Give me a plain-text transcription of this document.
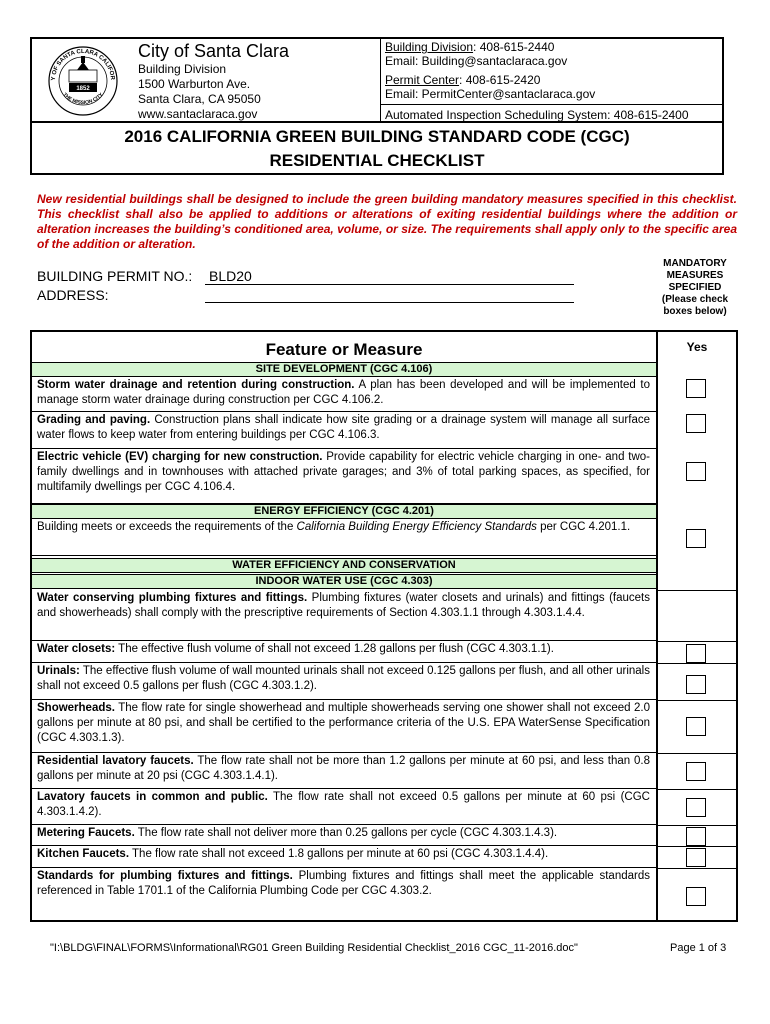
Y OF SANTA CLARA CALIFOR
THE MISSION CITY
1852
City of Santa Clara
Building Division
1500 Warburton Ave.
Santa Clara, CA 95050
www.santaclaraca.gov
Building Division: 408-615-2440
Email: Building@santaclaraca.gov
Permit Center: 408-615-2420
Email: PermitCenter@santaclaraca.gov
Automated Inspection Scheduling System: 408-615-2400
2016 CALIFORNIA GREEN BUILDING STANDARD CODE (CGC)
RESIDENTIAL CHECKLIST
New residential buildings shall be designed to include the green building mandatory measures specified in this checklist. This checklist shall also be applied to additions or alterations of exiting residential buildings where the addition or alteration increases the building’s conditioned area, volume, or size. The requirements shall apply only to the specific area of the addition or alteration.
BUILDING PERMIT NO.: BLD20
ADDRESS:
MANDATORY
MEASURES
SPECIFIED
(Please check
boxes below)
Feature or Measure	Yes
SITE DEVELOPMENT (CGC 4.106)
Storm water drainage and retention during construction. A plan has been developed and will be implemented to manage storm water drainage during construction per CGC 4.106.2.
Grading and paving. Construction plans shall indicate how site grading or a drainage system will manage all surface water flows to keep water from entering buildings per CGC 4.106.3.
Electric vehicle (EV) charging for new construction. Provide capability for electric vehicle charging in one- and two-family dwellings and in townhouses with attached private garages; and 3% of total parking spaces, as specified, for multifamily dwellings per CGC 4.106.4.
ENERGY EFFICIENCY (CGC 4.201)
Building meets or exceeds the requirements of the California Building Energy Efficiency Standards per CGC 4.201.1.
WATER EFFICIENCY AND CONSERVATION
INDOOR WATER USE (CGC 4.303)
Water conserving plumbing fixtures and fittings. Plumbing fixtures (water closets and urinals) and fittings (faucets and showerheads) shall comply with the prescriptive requirements of Section 4.303.1.1 through 4.303.1.4.4.
Water closets: The effective flush volume of shall not exceed 1.28 gallons per flush (CGC 4.303.1.1).
Urinals: The effective flush volume of wall mounted urinals shall not exceed 0.125 gallons per flush, and all other urinals shall not exceed 0.5 gallons per flush (CGC 4.303.1.2).
Showerheads. The flow rate for single showerhead and multiple showerheads serving one shower shall not exceed 2.0 gallons per minute at 80 psi, and shall be certified to the performance criteria of the U.S. EPA WaterSense Specification (CGC 4.303.1.3).
Residential lavatory faucets. The flow rate shall not be more than 1.2 gallons per minute at 60 psi, and less than 0.8 gallons per minute at 20 psi (CGC 4.303.1.4.1).
Lavatory faucets in common and public. The flow rate shall not exceed 0.5 gallons per minute at 60 psi (CGC 4.303.1.4.2).
Metering Faucets. The flow rate shall not deliver more than 0.25 gallons per cycle (CGC 4.303.1.4.3).
Kitchen Faucets. The flow rate shall not exceed 1.8 gallons per minute at 60 psi (CGC 4.303.1.4.4).
Standards for plumbing fixtures and fittings. Plumbing fixtures and fittings shall meet the applicable standards referenced in Table 1701.1 of the California Plumbing Code per CGC 4.303.2.
"I:\BLDG\FINAL\FORMS\Informational\RG01 Green Building Residential Checklist_2016 CGC_11-2016.doc"	Page 1 of 3
